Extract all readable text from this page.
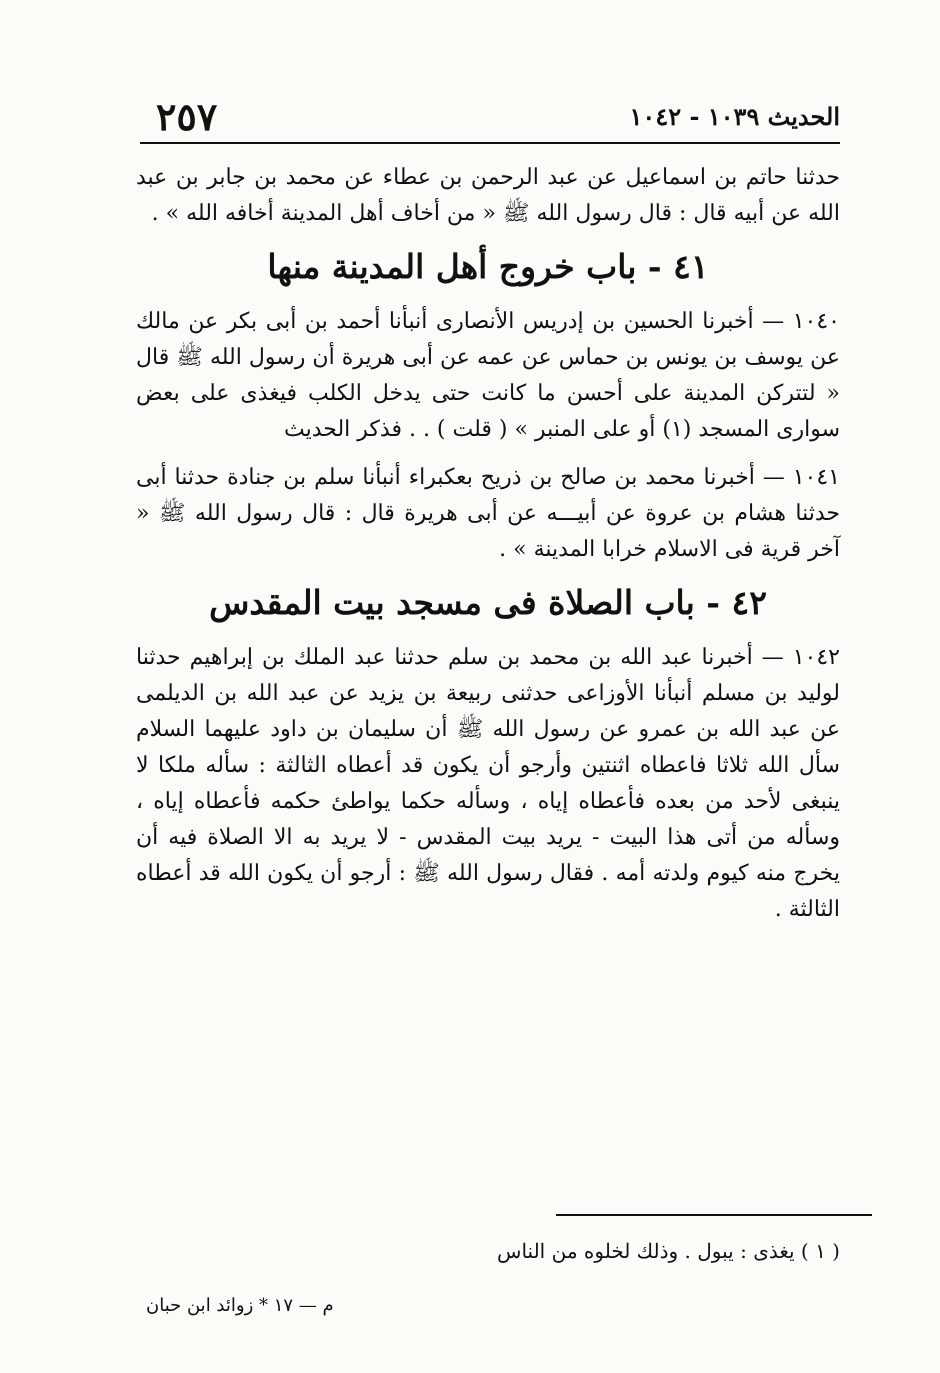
٢٥٧	الحديث ١٠٣٩ - ١٠٤٢

حدثنا حاتم بن اسماعيل عن عبد الرحمن بن عطاء عن محمد بن جابر بن عبد الله عن أبيه قال : قال رسول الله ﷺ « من أخاف أهل المدينة أخافه الله » .

٤١ - باب خروج أهل المدينة منها

١٠٤٠ — أخبرنا الحسين بن إدريس الأنصارى أنبأنا أحمد بن أبى بكر عن مالك عن يوسف بن يونس بن حماس عن عمه عن أبى هريرة أن رسول الله ﷺ قال « لتتركن المدينة على أحسن ما كانت حتى يدخل الكلب فيغذى على بعض سوارى المسجد (١) أو على المنبر » ( قلت ) . . فذكر الحديث

١٠٤١ — أخبرنا محمد بن صالح بن ذريح بعكبراء أنبأنا سلم بن جنادة حدثنا أبى حدثنا هشام بن عروة عن أبيـــه عن أبى هريرة قال : قال رسول الله ﷺ « آخر قرية فى الاسلام خرابا المدينة » .

٤٢ - باب الصلاة فى مسجد بيت المقدس

١٠٤٢ — أخبرنا عبد الله بن محمد بن سلم حدثنا عبد الملك بن إبراهيم حدثنا لوليد بن مسلم أنبأنا الأوزاعى حدثنى ربيعة بن يزيد عن عبد الله بن الديلمى عن عبد الله بن عمرو عن رسول الله ﷺ أن سليمان بن داود عليهما السلام سأل الله ثلاثا فاعطاه اثنتين وأرجو أن يكون قد أعطاه الثالثة : سأله ملكا لا ينبغى لأحد من بعده فأعطاه إياه ، وسأله حكما يواطئ حكمه فأعطاه إياه ، وسأله من أتى هذا البيت - يريد بيت المقدس - لا يريد به الا الصلاة فيه أن يخرج منه كيوم ولدته أمه . فقال رسول الله ﷺ : أرجو أن يكون الله قد أعطاه الثالثة .

( ١ ) يغذى : يبول . وذلك لخلوه من الناس
م — ١٧ * زوائد ابن حبان
